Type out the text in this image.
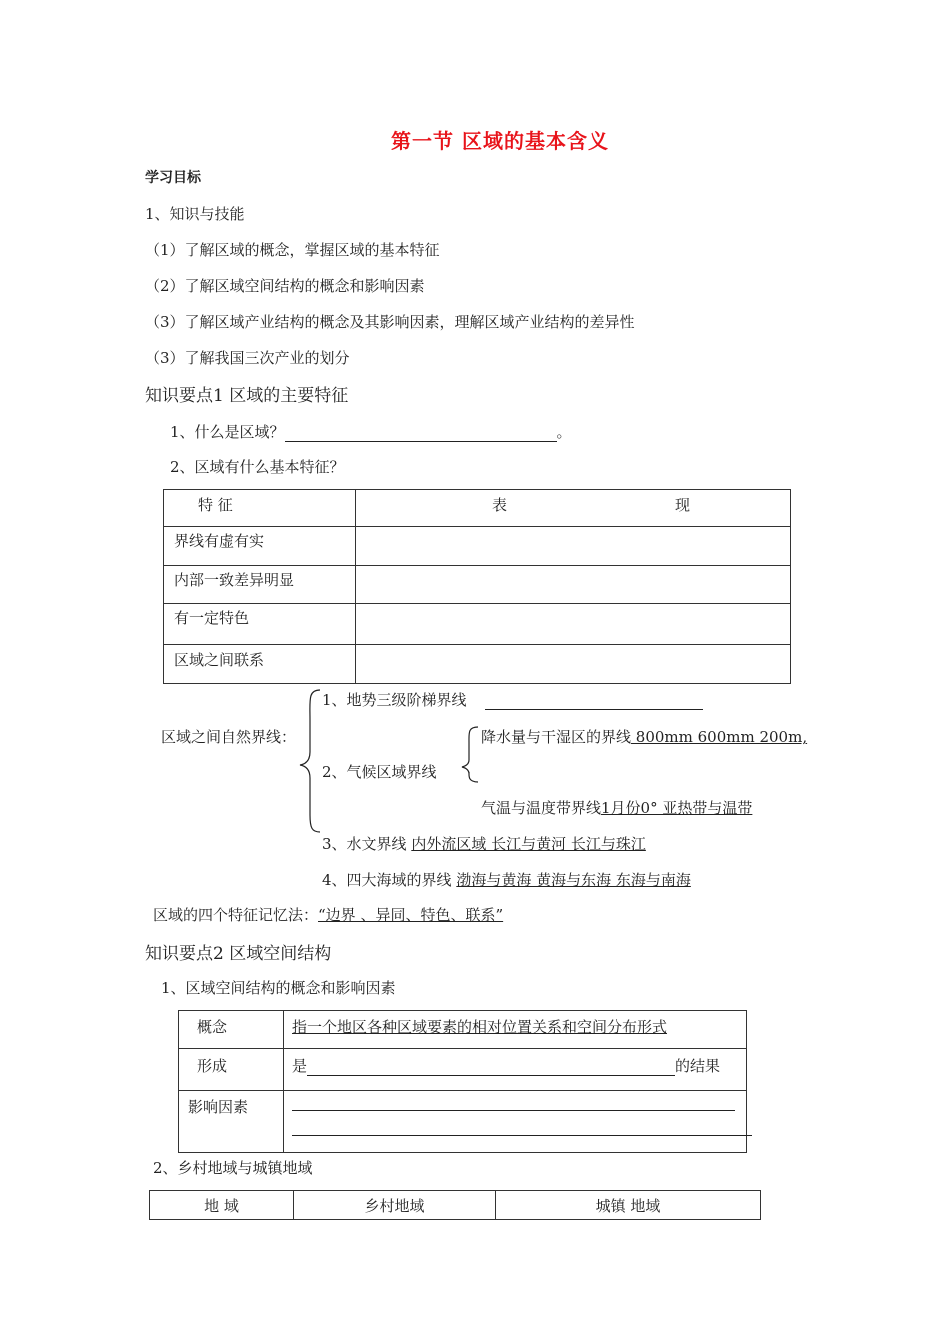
第一节 区域的基本含义
学习目标
1、知识与技能
（1）了解区域的概念，掌握区域的基本特征
（2）了解区域空间结构的概念和影响因素
（3）了解区域产业结构的概念及其影响因素，理解区域产业结构的差异性
（3）了解我国三次产业的划分
知识要点1 区域的主要特征
1、什么是区域？	。
2、区域有什么基本特征？
特 征	表 现
界线有虚有实	
内部一致差异明显	
有一定特色	
区域之间联系	
1、地势三级阶梯界线
区域之间自然界线：	降水量与干湿区的界线 800mm 600mm 200m,
2、气候区域界线
气温与温度带界线1月份0° 亚热带与温带
3、水文界线 内外流区域 长江与黄河 长江与珠江
4、四大海域的界线 渤海与黄海 黄海与东海 东海与南海
区域的四个特征记忆法：“边界 、异同、特色、联系”
知识要点2 区域空间结构
1、区域空间结构的概念和影响因素
概念	指一个地区各种区域要素的相对位置关系和空间分布形式
形成	是 的结果
影响因素	
2、乡村地域与城镇地域
地 域	乡村地域	城镇 地域
